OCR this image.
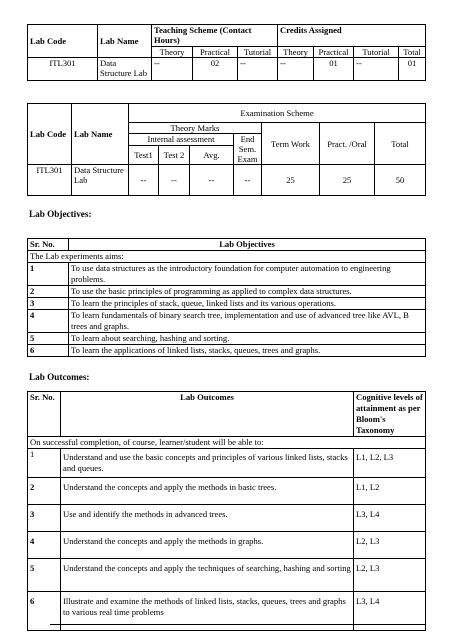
Lab Code	Lab Name	Teaching Scheme (Contact Hours)			Credits Assigned			
		Theory	Practical	Tutorial	Theory	Practical	Tutorial	Total
ITL301	Data Structure Lab	--	02	--	--	01	--	01
Lab Code	Lab Name	Examination Scheme						
		Theory Marks				Term Work	Pract. /Oral	Total
		Internal assessment			End Sem. Exam			
		Test1	Test 2	Avg.				
ITL301	Data Structure Lab	--	--	--	--	25	25	50

Lab Objectives:

Sr. No.	Lab Objectives
The Lab experiments aims:	
1	To use data structures as the introductory foundation for computer automation to engineering problems.
2	To use the basic principles of programming as applied to complex data structures.
3	To learn the principles of stack, queue, linked lists and its various operations.
4	To learn fundamentals of binary search tree, implementation and use of advanced tree like AVL, B trees and graphs.
5	To learn about searching, hashing and sorting.
6	To learn the applications of linked lists, stacks, queues, trees and graphs.

Lab Outcomes:

Sr. No.	Lab Outcomes	Cognitive levels of attainment as per Bloom's Taxonomy
On successful completion, of course, learner/student will be able to:		
1	Understand and use the basic concepts and principles of various linked lists, stacks and queues.	L1, L2, L3
2	Understand the concepts and apply the methods in basic trees.	L1, L2
3	Use and identify the methods in advanced trees.	L3, L4
4	Understand the concepts and apply the methods in graphs.	L2, L3
5	Understand the concepts and apply the techniques of searching, hashing and sorting	L2, L3
6	Illustrate and examine the methods of linked lists, stacks, queues, trees and graphs to various real time problems	L3, L4
